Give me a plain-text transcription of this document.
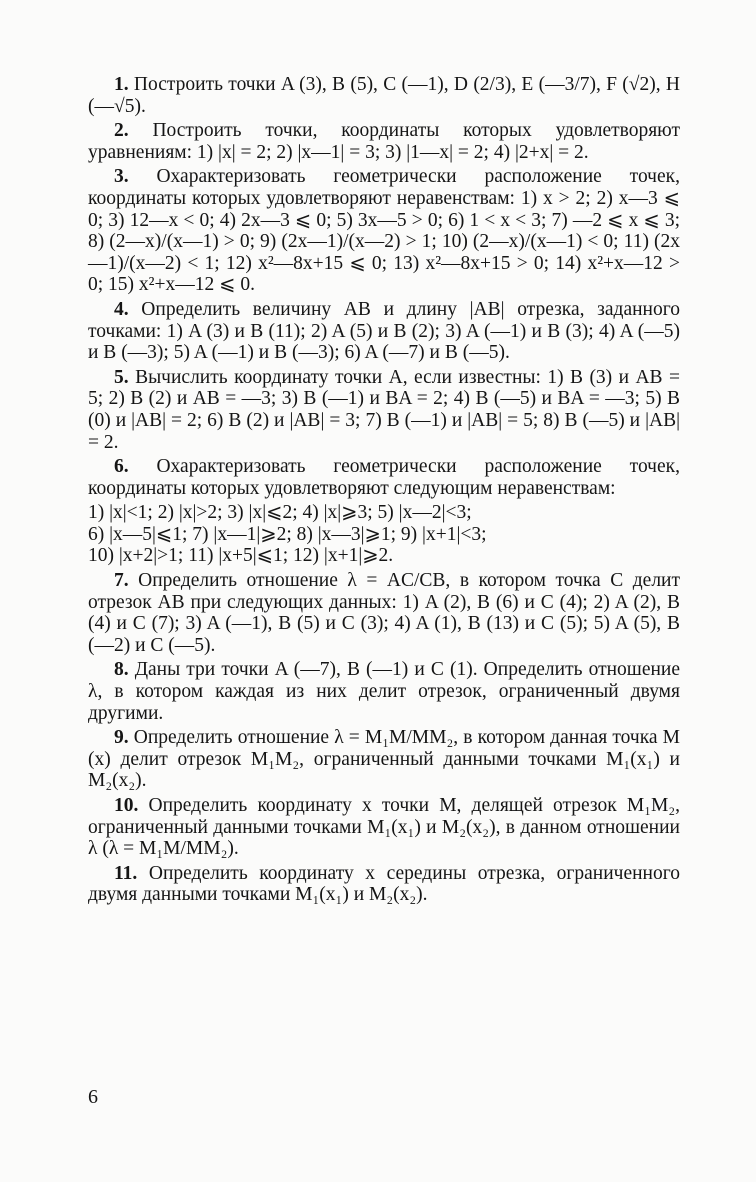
1. Построить точки A (3), B (5), C (—1), D (2/3), E (—3/7), F (√2), H (—√5).

2. Построить точки, координаты которых удовлетворяют уравнениям: 1) |x| = 2; 2) |x—1| = 3; 3) |1—x| = 2; 4) |2+x| = 2.

3. Охарактеризовать геометрически расположение точек, координаты которых удовлетворяют неравенствам: 1) x > 2; 2) x—3 ⩽ 0; 3) 12—x < 0; 4) 2x—3 ⩽ 0; 5) 3x—5 > 0; 6) 1 < x < 3; 7) —2 ⩽ x ⩽ 3; 8) (2—x)/(x—1) > 0; 9) (2x—1)/(x—2) > 1; 10) (2—x)/(x—1) < 0; 11) (2x—1)/(x—2) < 1; 12) x²—8x+15 ⩽ 0; 13) x²—8x+15 > 0; 14) x²+x—12 > 0; 15) x²+x—12 ⩽ 0.

4. Определить величину AB и длину |AB| отрезка, заданного точками: 1) A (3) и B (11); 2) A (5) и B (2); 3) A (—1) и B (3); 4) A (—5) и B (—3); 5) A (—1) и B (—3); 6) A (—7) и B (—5).

5. Вычислить координату точки A, если известны: 1) B (3) и AB = 5; 2) B (2) и AB = —3; 3) B (—1) и BA = 2; 4) B (—5) и BA = —3; 5) B (0) и |AB| = 2; 6) B (2) и |AB| = 3; 7) B (—1) и |AB| = 5; 8) B (—5) и |AB| = 2.

6. Охарактеризовать геометрически расположение точек, координаты которых удовлетворяют следующим неравенствам:

1) |x|<1; 2) |x|>2; 3) |x|⩽2; 4) |x|⩾3; 5) |x—2|<3;
6) |x—5|⩽1; 7) |x—1|⩾2; 8) |x—3|⩾1; 9) |x+1|<3;
10) |x+2|>1; 11) |x+5|⩽1; 12) |x+1|⩾2.

7. Определить отношение λ = AC/CB, в котором точка C делит отрезок AB при следующих данных: 1) A (2), B (6) и C (4); 2) A (2), B (4) и C (7); 3) A (—1), B (5) и C (3); 4) A (1), B (13) и C (5); 5) A (5), B (—2) и C (—5).

8. Даны три точки A (—7), B (—1) и C (1). Определить отношение λ, в котором каждая из них делит отрезок, ограниченный двумя другими.

9. Определить отношение λ = M₁M/MM₂, в котором данная точка M (x) делит отрезок M₁M₂, ограниченный данными точками M₁(x₁) и M₂(x₂).

10. Определить координату x точки M, делящей отрезок M₁M₂, ограниченный данными точками M₁(x₁) и M₂(x₂), в данном отношении λ (λ = M₁M/MM₂).

11. Определить координату x середины отрезка, ограниченного двумя данными точками M₁(x₁) и M₂(x₂).

6
